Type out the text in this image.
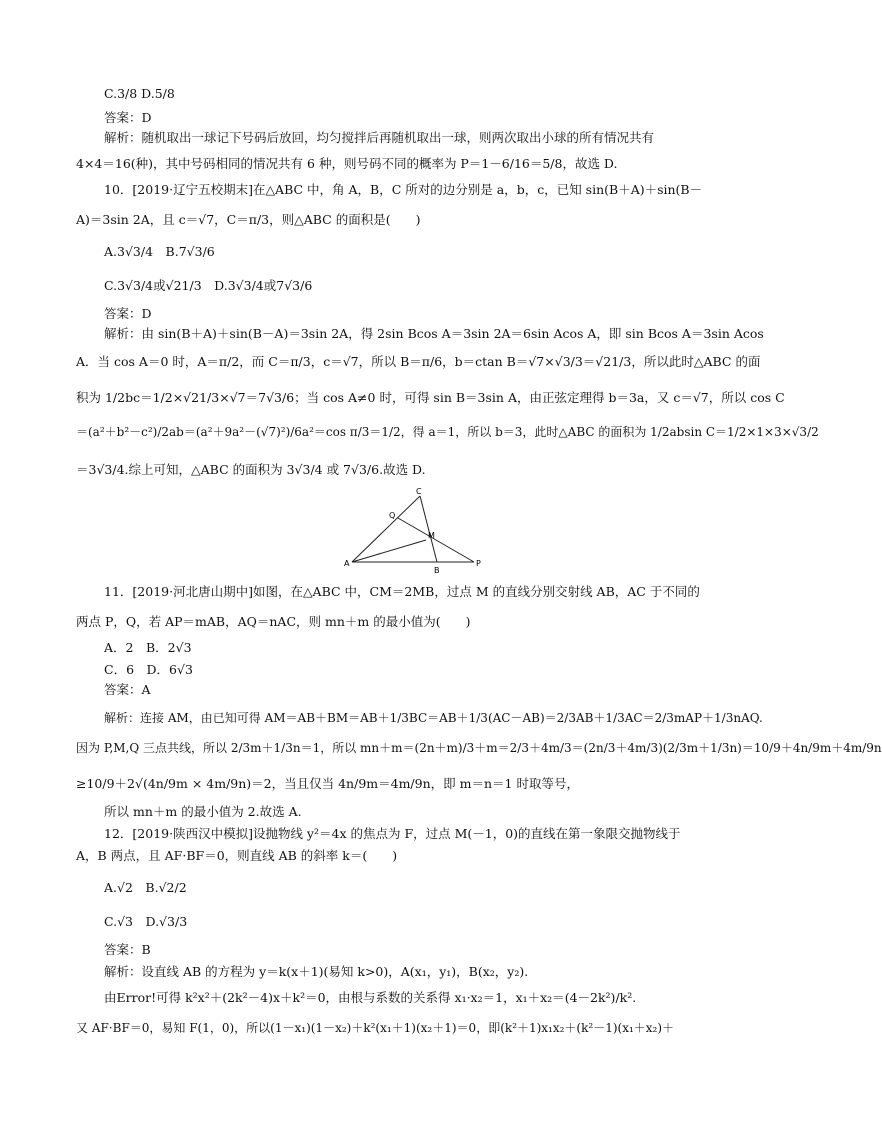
C.3/8 D.5/8
答案：D
解析：随机取出一球记下号码后放回，均匀搅拌后再随机取出一球，则两次取出小球的所有情况共有
4×4＝16(种)，其中号码相同的情况共有 6 种，则号码不同的概率为 P＝1－6/16＝5/8，故选 D.
10．[2019·辽宁五校期末]在△ABC 中，角 A，B，C 所对的边分别是 a，b，c，已知 sin(B＋A)＋sin(B－
A)＝3sin 2A，且 c＝√7，C＝π/3，则△ABC 的面积是(　　)
A.3√3/4　B.7√3/6
C.3√3/4或√21/3　D.3√3/4或7√3/6
答案：D
解析：由 sin(B＋A)＋sin(B－A)＝3sin 2A，得 2sin Bcos A＝3sin 2A＝6sin Acos A，即 sin Bcos A＝3sin Acos
A．当 cos A＝0 时，A＝π/2，而 C＝π/3，c＝√7，所以 B＝π/6，b＝ctan B＝√7×√3/3＝√21/3，所以此时△ABC 的面
积为 1/2bc＝1/2×√21/3×√7＝7√3/6；当 cos A≠0 时，可得 sin B＝3sin A，由正弦定理得 b＝3a，又 c＝√7，所以 cos C
＝(a²＋b²－c²)/2ab＝(a²＋9a²－(√7)²)/6a²＝cos π/3＝1/2，得 a＝1，所以 b＝3，此时△ABC 的面积为 1/2absin C＝1/2×1×3×√3/2
＝3√3/4.综上可知，△ABC 的面积为 3√3/4 或 7√3/6.故选 D.
C
Q
M
A
B
P
11．[2019·河北唐山期中]如图，在△ABC 中，CM＝2MB，过点 M 的直线分别交射线 AB，AC 于不同的
两点 P，Q，若 AP＝mAB，AQ＝nAC，则 mn＋m 的最小值为(　　)
A．2　B．2√3
C．6　D．6√3
答案：A
解析：连接 AM，由已知可得 AM＝AB＋BM＝AB＋1/3BC＝AB＋1/3(AC－AB)＝2/3AB＋1/3AC＝2/3mAP＋1/3nAQ.
因为 P,M,Q 三点共线，所以 2/3m＋1/3n＝1，所以 mn＋m＝(2n＋m)/3＋m＝2/3＋4m/3＝(2n/3＋4m/3)(2/3m＋1/3n)＝10/9＋4n/9m＋4m/9n
≥10/9＋2√(4n/9m × 4m/9n)＝2，当且仅当 4n/9m＝4m/9n，即 m＝n＝1 时取等号，
所以 mn＋m 的最小值为 2.故选 A.
12．[2019·陕西汉中模拟]设抛物线 y²＝4x 的焦点为 F，过点 M(－1，0)的直线在第一象限交抛物线于
A，B 两点，且 AF·BF＝0，则直线 AB 的斜率 k＝(　　)
A.√2　B.√2/2
C.√3　D.√3/3
答案：B
解析：设直线 AB 的方程为 y＝k(x＋1)(易知 k>0)，A(x₁，y₁)，B(x₂，y₂).
由Error!可得 k²x²＋(2k²－4)x＋k²＝0，由根与系数的关系得 x₁·x₂＝1，x₁＋x₂＝(4－2k²)/k².
又 AF·BF＝0，易知 F(1，0)，所以(1－x₁)(1－x₂)＋k²(x₁＋1)(x₂＋1)＝0，即(k²＋1)x₁x₂＋(k²－1)(x₁＋x₂)＋
